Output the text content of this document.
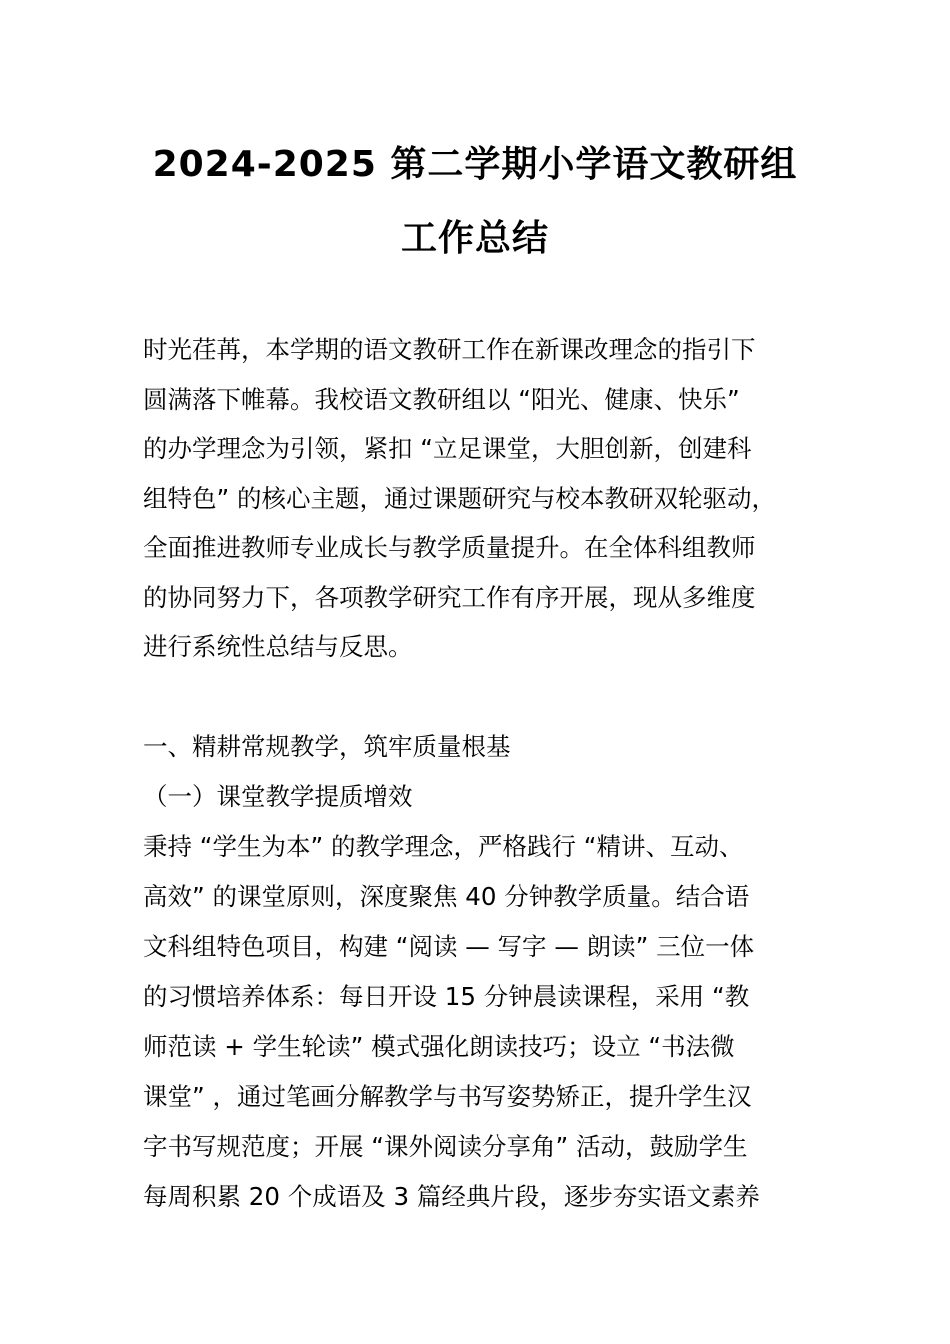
2024-2025 第二学期小学语文教研组
工作总结
时光荏苒，本学期的语文教研工作在新课改理念的指引下
圆满落下帷幕。我校语文教研组以 “阳光、健康、快乐”
的办学理念为引领，紧扣 “立足课堂，大胆创新，创建科
组特色” 的核心主题，通过课题研究与校本教研双轮驱动，
全面推进教师专业成长与教学质量提升。在全体科组教师
的协同努力下，各项教学研究工作有序开展，现从多维度
进行系统性总结与反思。
一、精耕常规教学，筑牢质量根基
（一）课堂教学提质增效
秉持 “学生为本” 的教学理念，严格践行 “精讲、互动、
高效” 的课堂原则，深度聚焦 40 分钟教学质量。结合语
文科组特色项目，构建 “阅读 — 写字 — 朗读” 三位一体
的习惯培养体系：每日开设 15 分钟晨读课程，采用 “教
师范读 + 学生轮读” 模式强化朗读技巧；设立 “书法微
课堂” ，通过笔画分解教学与书写姿势矫正，提升学生汉
字书写规范度；开展 “课外阅读分享角” 活动，鼓励学生
每周积累 20 个成语及 3 篇经典片段，逐步夯实语文素养
